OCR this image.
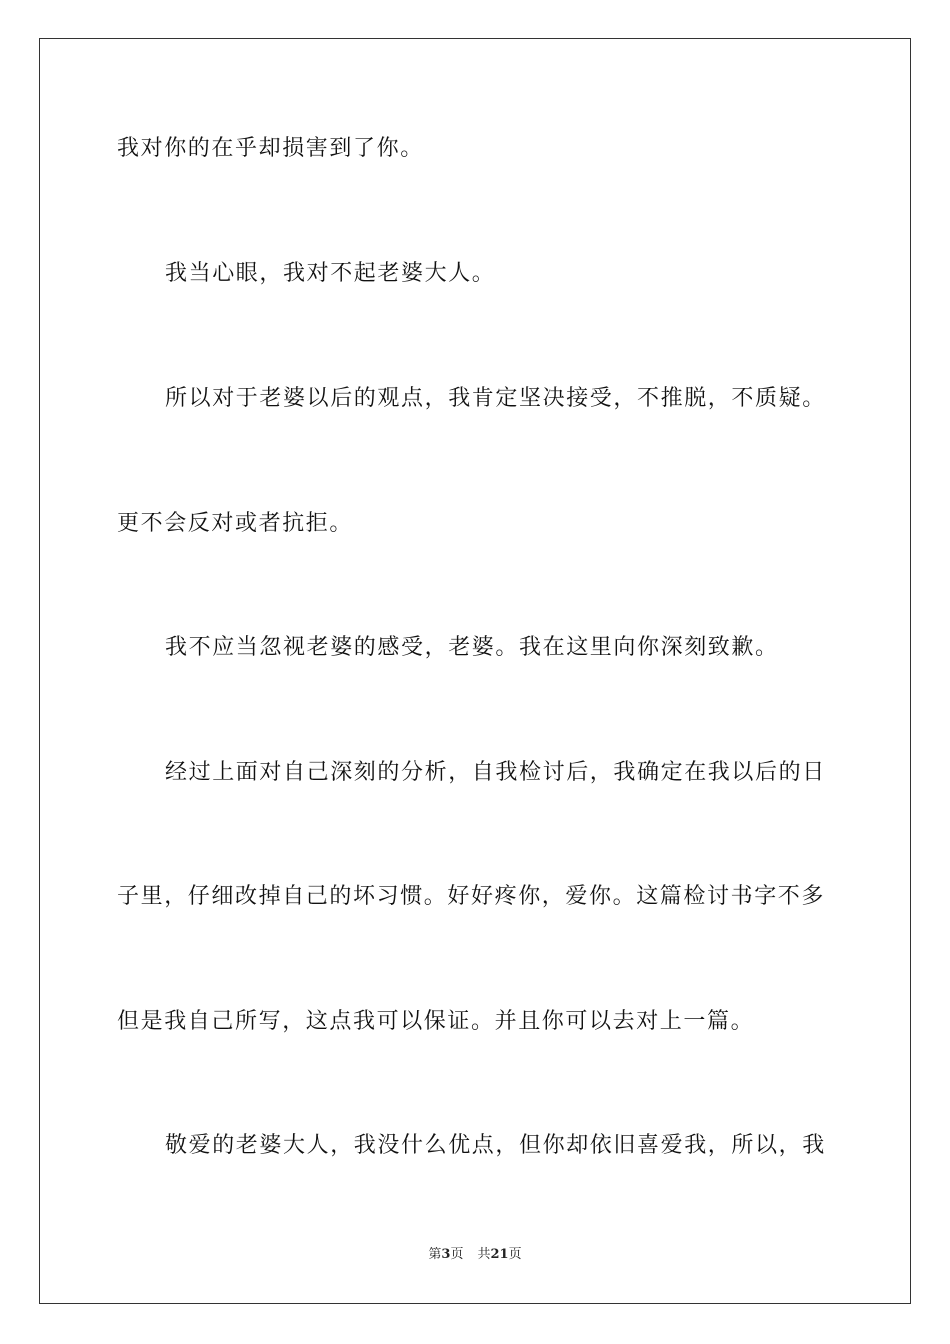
我对你的在乎却损害到了你。
我当心眼，我对不起老婆大人。
所以对于老婆以后的观点，我肯定坚决接受，不推脱，不质疑。
更不会反对或者抗拒。
我不应当忽视老婆的感受，老婆。我在这里向你深刻致歉。
经过上面对自己深刻的分析，自我检讨后，我确定在我以后的日
子里，仔细改掉自己的坏习惯。好好疼你，爱你。这篇检讨书字不多
但是我自己所写，这点我可以保证。并且你可以去对上一篇。
敬爱的老婆大人，我没什么优点，但你却依旧喜爱我，所以，我
第3页 共21页
